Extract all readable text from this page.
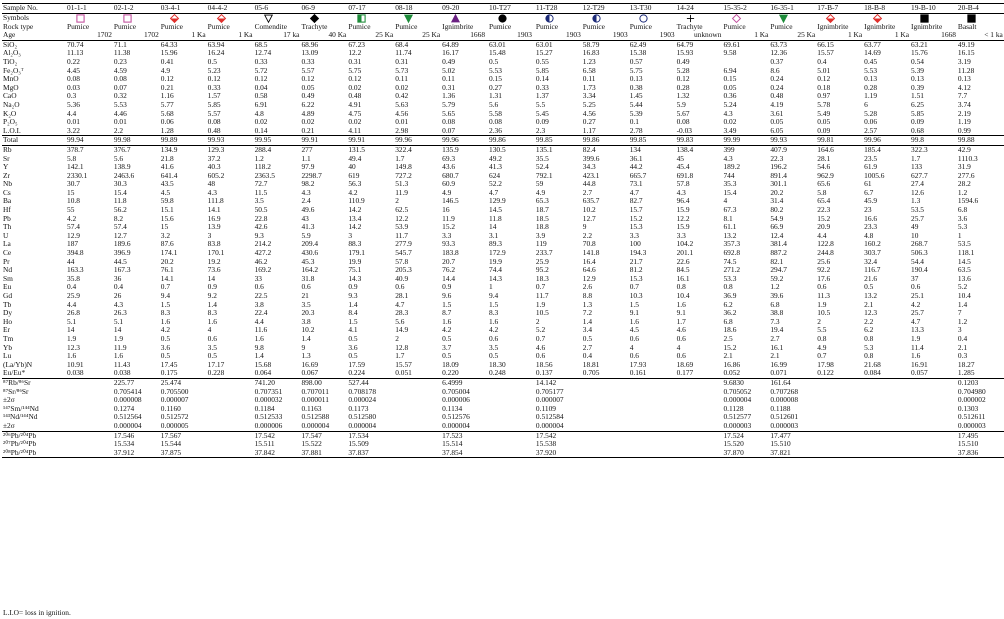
Sample No.	01-1-1	02-1-2	03-4-1	04-4-2	05-6	06-9	07-17	08-18	09-20	10-T27	11-T28	12-T29	13-T30	14-24	15-35-2	16-35-1	17-B-7	18-B-8	19-B-10	20-B-4
Symbols																				
Rock type	Pumice	Pumice	Pumice	Pumice	Comendite	Trachyte	Pumice	Pumice	Ignimbrite	Pumice	Pumice	Pumice	Pumice	Trachyte	Pumice	Pumice	Ignimbrite	Ignimbrite	Ignimbrite	Basalt
Age	1702	1702	1 Ka	1 Ka	17 ka	40 Ka	25 Ka	25 Ka	1668	1903	1903	1903	1903	unknown	1 Ka	25 Ka	1 Ka	1 Ka	1668	< 1 ka
SiO₂	70.74	71.1	64.33	63.94	68.5	68.96	67.23	68.4	64.89	63.01	63.01	58.79	62.49	64.79	69.61	63.73	66.15	63.77	63.21	49.19
Al₂O₃	11.13	11.38	15.96	16.24	12.74	13.09	12.2	11.74	16.17	15.48	15.27	16.83	15.38	15.93	9.58	12.36	15.57	14.69	15.76	16.15
TiO₂	0.22	0.23	0.41	0.5	0.33	0.33	0.31	0.31	0.49	0.5	0.55	1.23	0.57	0.49		0.37	0.4	0.45	0.54	3.19
Fe₂O₃ᵀ	4.45	4.59	4.9	5.23	5.72	5.57	5.75	5.73	5.02	5.53	5.85	6.58	5.75	5.28	6.94	8.6	5.01	5.53	5.39	11.28
MnO	0.08	0.08	0.12	0.12	0.12	0.12	0.12	0.11	0.11	0.15	0.14	0.11	0.13	0.12	0.15	0.24	0.12	0.13	0.13	0.13
MgO	0.03	0.07	0.21	0.33	0.04	0.05	0.02	0.02	0.31	0.27	0.33	1.73	0.38	0.28	0.05	0.24	0.18	0.28	0.39	4.12
CaO	0.3	0.32	1.16	1.57	0.58	0.49	0.48	0.42	1.36	1.31	1.37	3.34	1.45	1.32	0.36	0.48	0.97	1.19	1.51	7.7
Na₂O	5.36	5.53	5.77	5.85	6.91	6.22	4.91	5.63	5.79	5.6	5.5	5.25	5.44	5.9	5.24	4.19	5.78	6	6.25	3.74
K₂O	4.4	4.46	5.68	5.57	4.8	4.89	4.75	4.56	5.65	5.58	5.45	4.56	5.39	5.67	4.3	3.61	5.49	5.28	5.85	2.19
P₂O₅	0.01	0.01	0.06	0.08	0.02	0.02	0.02	0.01	0.08	0.08	0.09	0.27	0.1	0.08	0.02	0.05	0.05	0.06	0.09	1.19
L.O.I.	3.22	2.2	1.28	0.48	0.14	0.21	4.11	2.98	0.07	2.36	2.3	1.17	2.78	-0.03	3.49	6.05	0.09	2.57	0.68	0.99
Total	99.94	99.98	99.89	99.93	99.95	99.91	99.91	99.96	99.96	99.86	99.85	99.86	99.85	99.83	99.99	99.93	99.81	99.96	99.8	99.88
Rb	378.7	376.7	134.9	129.3	288.4	277	131.5	322.4	135.9	130.5	135.1	82.4	134	138.4	399	407.9	164.6	185.4	322.3	42.9
Sr	5.8	5.6	21.8	37.2	1.2	1.1	49.4	1.7	69.3	49.2	35.5	399.6	36.1	45	4.3	22.3	28.1	23.5	1.7	1110.3
Y	142.1	138.9	41.6	40.3	118.2	97.9	40	149.8	43.6	41.3	52.4	34.3	44.2	45.4	189.2	196.2	54.6	61.9	133	31.9
Zr	2330.1	2463.6	641.4	605.2	2363.5	2298.7	619	727.2	680.7	624	792.1	423.1	665.7	691.8	744	891.4	962.9	1005.6	627.7	277.6
Nb	30.7	30.3	43.5	48	72.7	98.2	56.3	51.3	60.9	52.2	59	44.8	73.1	57.8	35.3	301.1	65.6	61	27.4	28.2
Cs	15	15.4	4.5	4.3	11.5	4.3	4.2	11.9	4.9	4.7	4.9	2.7	4.7	4.3	15.4	20.2	5.8	6.7	12.6	1.2
Ba	10.8	11.8	59.8	111.8	3.5	2.4	110.9	2	146.5	129.9	65.3	635.7	82.7	96.4	4	31.4	65.4	45.9	1.3	1594.6
Hf	55	56.2	15.1	14.1	50.5	49.6	14.2	62.5	16	14.5	18.7	10.2	15.7	15.9	67.3	80.2	22.3	23	53.5	6.8
Pb	4.2	8.2	15.6	16.9	22.8	43	13.4	12.2	11.9	11.8	18.5	12.7	15.2	12.2	8.1	54.9	15.2	16.6	25.7	3.6
Th	57.4	57.4	15	13.9	42.6	41.3	14.2	53.9	15.2	14	18.8	9	15.3	15.9	61.1	66.9	20.9	23.3	49	5.3
U	12.9	12.7	3.2	3	9.3	5.9	3	11.7	3.3	3.1	3.9	2.2	3.3	3.3	13.2	12.4	4.4	4.8	10	1
La	187	189.6	87.6	83.8	214.2	209.4	88.3	277.9	93.3	89.3	119	70.8	100	104.2	357.3	381.4	122.8	160.2	268.7	53.5
Ce	394.8	396.9	174.1	170.1	427.2	430.6	179.1	545.7	183.8	172.9	233.7	141.8	194.3	201.1	692.8	887.2	244.8	303.7	506.3	118.1
Pr	44	44.5	20.2	19.2	46.2	45.3	19.9	57.8	20.7	19.9	25.9	16.4	21.7	22.6	74.5	82.1	25.6	32.4	54.4	14.5
Nd	163.3	167.3	76.1	73.6	169.2	164.2	75.1	205.3	76.2	74.4	95.2	64.6	81.2	84.5	271.2	294.7	92.2	116.7	190.4	63.5
Sm	35.8	36	14.1	14	33	31.8	14.3	40.9	14.4	14.3	18.3	12.9	15.3	16.1	53.3	59.2	17.6	21.6	37	13.6
Eu	0.4	0.4	0.7	0.9	0.6	0.6	0.9	0.6	0.9	1	0.7	2.6	0.7	0.8	0.8	1.2	0.6	0.5	0.6	5.2
Gd	25.9	26	9.4	9.2	22.5	21	9.3	28.1	9.6	9.4	11.7	8.8	10.3	10.4	36.9	39.6	11.3	13.2	25.1	10.4
Tb	4.4	4.3	1.5	1.4	3.8	3.5	1.4	4.7	1.5	1.5	1.9	1.3	1.5	1.6	6.2	6.8	1.9	2.1	4.2	1.4
Dy	26.8	26.3	8.3	8.3	22.4	20.3	8.4	28.3	8.7	8.3	10.5	7.2	9.1	9.1	36.2	38.8	10.5	12.3	25.7	7
Ho	5.1	5.1	1.6	1.6	4.4	3.8	1.5	5.6	1.6	1.6	2	1.4	1.6	1.7	6.8	7.3	2	2.2	4.7	1.2
Er	14	14	4.2	4	11.6	10.2	4.1	14.9	4.2	4.2	5.2	3.4	4.5	4.6	18.6	19.4	5.5	6.2	13.3	3
Tm	1.9	1.9	0.5	0.6	1.6	1.4	0.5	2	0.5	0.6	0.7	0.5	0.6	0.6	2.5	2.7	0.8	0.8	1.9	0.4
Yb	12.3	11.9	3.6	3.5	9.8	9	3.6	12.8	3.7	3.5	4.6	2.7	4	4	15.2	16.1	4.9	5.3	11.4	2.1
Lu	1.6	1.6	0.5	0.5	1.4	1.3	0.5	1.7	0.5	0.5	0.6	0.4	0.6	0.6	2.1	2.1	0.7	0.8	1.6	0.3
(La/Yb)N	10.91	11.43	17.45	17.17	15.68	16.69	17.59	15.57	18.09	18.30	18.56	18.81	17.93	18.69	16.86	16.99	17.98	21.68	16.91	18.27
Eu/Eu*	0.038	0.038	0.175	0.228	0.064	0.067	0.224	0.051	0.220	0.248	0.137	0.705	0.161	0.177	0.052	0.071	0.122	0.084	0.057	1.285
⁸⁷Rb/⁸⁶Sr		225.77	25.474		741.20	898.00	527.44		6.4999		14.142				9.6830	161.64				0.1203
⁸⁷Sr/⁸⁶Sr		0.705414	0.705500		0.707351	0.707011	0.708178		0.705004		0.705177				0.705052	0.707268				0.704980
±2σ		0.000008	0.000007		0.000032	0.000011	0.000024		0.000006		0.000007				0.000004	0.000008				0.000002
¹⁴⁷Sm/¹⁴⁴Nd		0.1274	0.1160		0.1184	0.1163	0.1173		0.1134		0.1109				0.1128	0.1188				0.1303
¹⁴³Nd/¹⁴⁴Nd		0.512564	0.512572		0.512533	0.512588	0.512580		0.512576		0.512584				0.512577	0.512601				0.512611
±2σ		0.000004	0.000005		0.000006	0.000004	0.000004		0.000004		0.000004				0.000003	0.000003				0.000003
²⁰⁶Pb/²⁰⁴Pb		17.546	17.567		17.542	17.547	17.534		17.523		17.542				17.524	17.477				17.495
²⁰⁷Pb/²⁰⁴Pb		15.534	15.544		15.511	15.522	15.509		15.514		15.538				15.520	15.510				15.510
²⁰⁸Pb/²⁰⁴Pb		37.912	37.875		37.842	37.881	37.837		37.854		37.920				37.870	37.821				37.836
L.I.O= loss in ignition.
